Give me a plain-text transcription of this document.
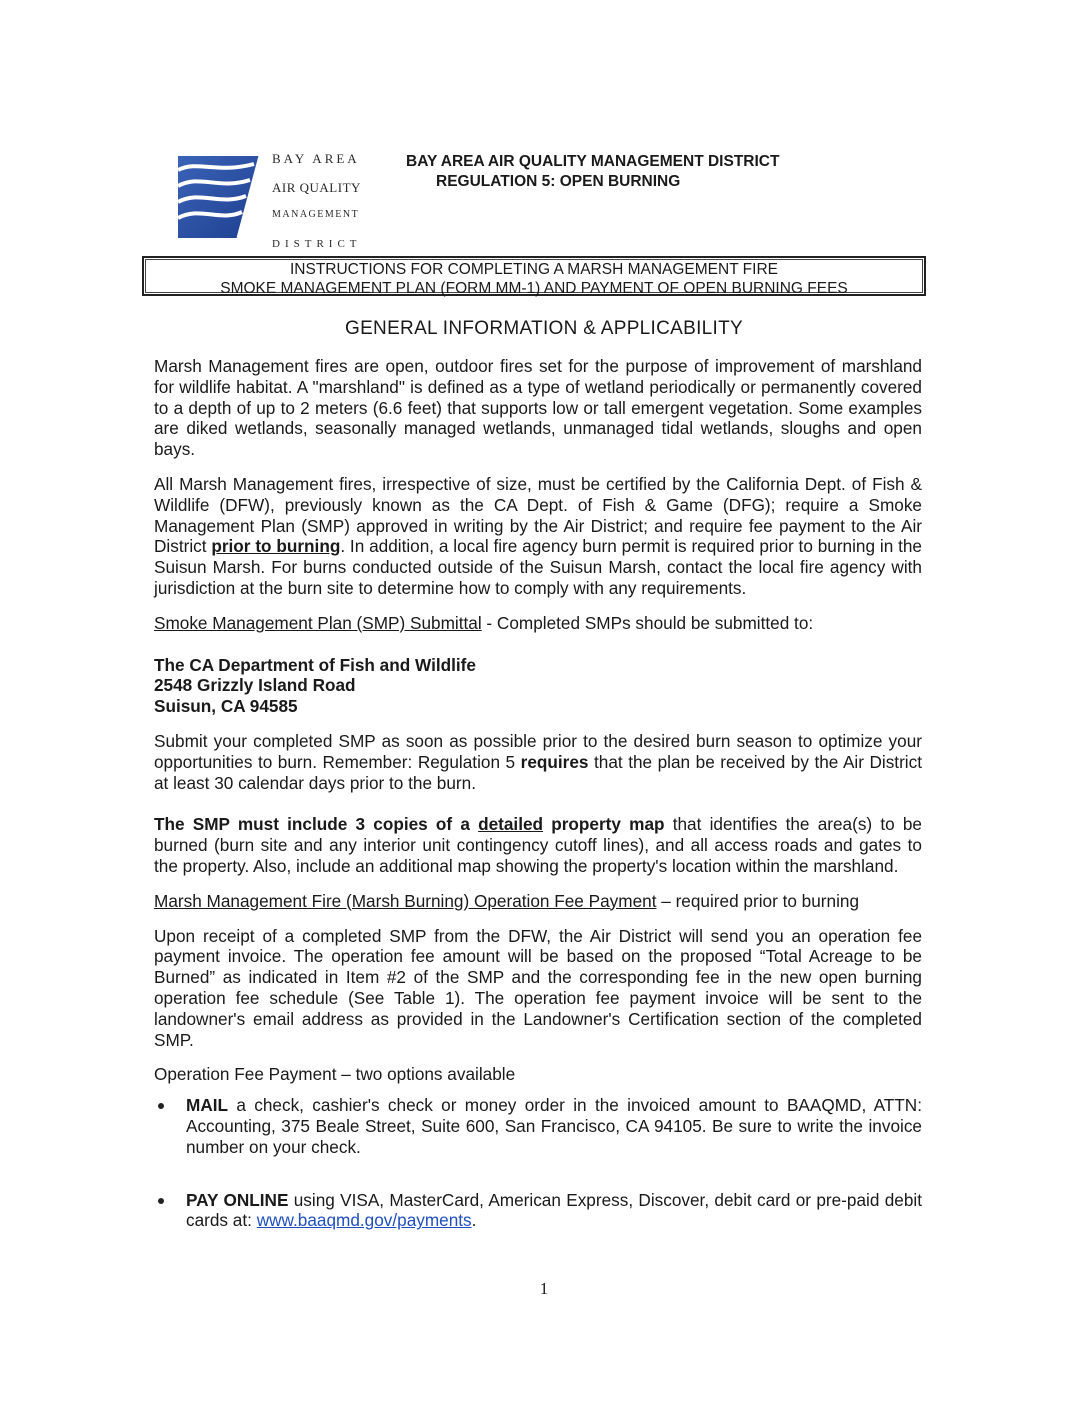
BAY AREA
AIR QUALITY
MANAGEMENT
DISTRICT
BAY AREA AIR QUALITY MANAGEMENT DISTRICT
REGULATION 5: OPEN BURNING
INSTRUCTIONS FOR COMPLETING A MARSH MANAGEMENT FIRE
SMOKE MANAGEMENT PLAN (FORM MM-1) AND PAYMENT OF OPEN BURNING FEES
GENERAL INFORMATION & APPLICABILITY

Marsh Management fires are open, outdoor fires set for the purpose of improvement of marshland for wildlife habitat. A "marshland" is defined as a type of wetland periodically or permanently covered to a depth of up to 2 meters (6.6 feet) that supports low or tall emergent vegetation. Some examples are diked wetlands, seasonally managed wetlands, unmanaged tidal wetlands, sloughs and open bays.

All Marsh Management fires, irrespective of size, must be certified by the California Dept. of Fish & Wildlife (DFW), previously known as the CA Dept. of Fish & Game (DFG); require a Smoke Management Plan (SMP) approved in writing by the Air District; and require fee payment to the Air District prior to burning. In addition, a local fire agency burn permit is required prior to burning in the Suisun Marsh. For burns conducted outside of the Suisun Marsh, contact the local fire agency with jurisdiction at the burn site to determine how to comply with any requirements.

Smoke Management Plan (SMP) Submittal - Completed SMPs should be submitted to:

The CA Department of Fish and Wildlife
2548 Grizzly Island Road
Suisun, CA 94585

Submit your completed SMP as soon as possible prior to the desired burn season to optimize your opportunities to burn. Remember: Regulation 5 requires that the plan be received by the Air District at least 30 calendar days prior to the burn.

The SMP must include 3 copies of a detailed property map that identifies the area(s) to be burned (burn site and any interior unit contingency cutoff lines), and all access roads and gates to the property. Also, include an additional map showing the property's location within the marshland.

Marsh Management Fire (Marsh Burning) Operation Fee Payment – required prior to burning

Upon receipt of a completed SMP from the DFW, the Air District will send you an operation fee payment invoice. The operation fee amount will be based on the proposed “Total Acreage to be Burned” as indicated in Item #2 of the SMP and the corresponding fee in the new open burning operation fee schedule (See Table 1). The operation fee payment invoice will be sent to the landowner's email address as provided in the Landowner's Certification section of the completed SMP.

Operation Fee Payment – two options available

MAIL a check, cashier's check or money order in the invoiced amount to BAAQMD, ATTN: Accounting, 375 Beale Street, Suite 600, San Francisco, CA 94105. Be sure to write the invoice number on your check.
PAY ONLINE using VISA, MasterCard, American Express, Discover, debit card or pre-paid debit cards at: www.baaqmd.gov/payments.
1
